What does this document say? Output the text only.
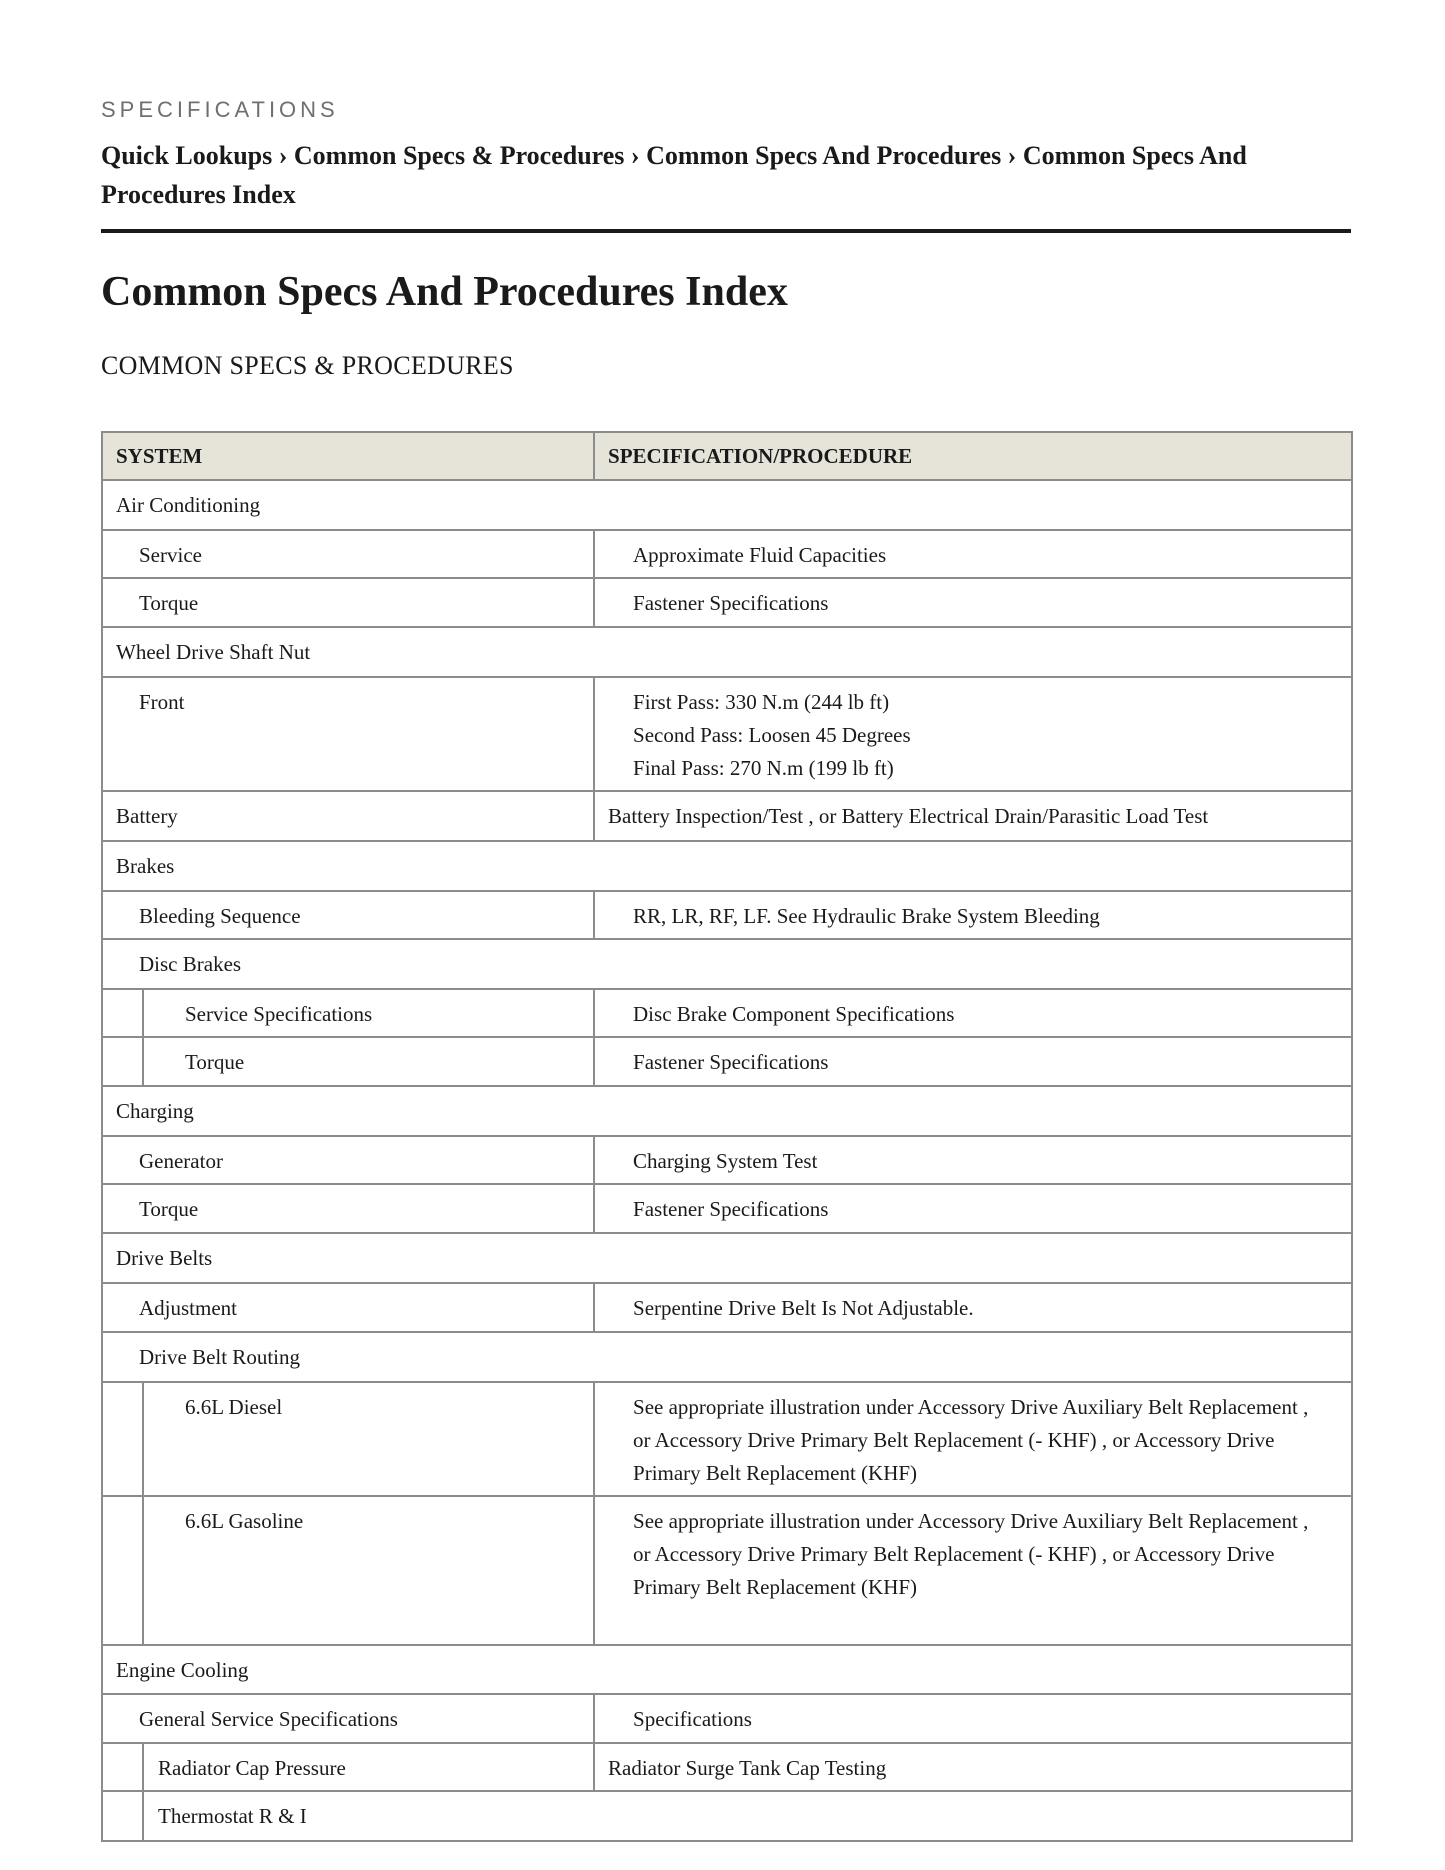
SPECIFICATIONS
Quick Lookups › Common Specs & Procedures › Common Specs And Procedures › Common Specs And Procedures Index
Common Specs And Procedures Index
COMMON SPECS & PROCEDURES
SYSTEM		SPECIFICATION/PROCEDURE

Air Conditioning		

Service		Approximate Fluid Capacities

Torque		Fastener Specifications

Wheel Drive Shaft Nut		

Front		First Pass: 330 N.m (244 lb ft)
Second Pass: Loosen 45 Degrees
Final Pass: 270 N.m (199 lb ft)

Battery		Battery Inspection/Test , or Battery Electrical Drain/Parasitic Load Test

Brakes		

Bleeding Sequence		RR, LR, RF, LF. See Hydraulic Brake System Bleeding

Disc Brakes		

	Service Specifications	Disc Brake Component Specifications

	Torque	Fastener Specifications

Charging		

Generator		Charging System Test

Torque		Fastener Specifications

Drive Belts		

Adjustment		Serpentine Drive Belt Is Not Adjustable.

Drive Belt Routing		

	6.6L Diesel	See appropriate illustration under Accessory Drive Auxiliary Belt Replacement ,
or Accessory Drive Primary Belt Replacement (- KHF) , or Accessory Drive
Primary Belt Replacement (KHF)

	6.6L Gasoline	See appropriate illustration under Accessory Drive Auxiliary Belt Replacement ,
or Accessory Drive Primary Belt Replacement (- KHF) , or Accessory Drive
Primary Belt Replacement (KHF)

Engine Cooling		

General Service Specifications		Specifications

	Radiator Cap Pressure	Radiator Surge Tank Cap Testing

	Thermostat R & I	
